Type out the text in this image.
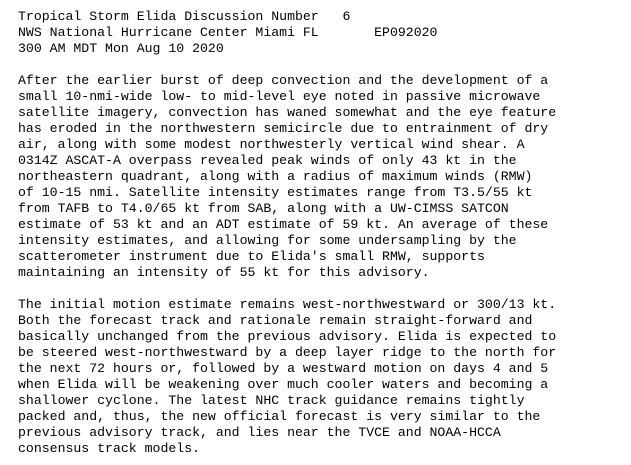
Tropical Storm Elida Discussion Number   6
NWS National Hurricane Center Miami FL       EP092020
300 AM MDT Mon Aug 10 2020
After the earlier burst of deep convection and the development of a
small 10-nmi-wide low- to mid-level eye noted in passive microwave
satellite imagery, convection has waned somewhat and the eye feature
has eroded in the northwestern semicircle due to entrainment of dry
air, along with some modest northwesterly vertical wind shear. A
0314Z ASCAT-A overpass revealed peak winds of only 43 kt in the
northeastern quadrant, along with a radius of maximum winds (RMW)
of 10-15 nmi. Satellite intensity estimates range from T3.5/55 kt
from TAFB to T4.0/65 kt from SAB, along with a UW-CIMSS SATCON
estimate of 53 kt and an ADT estimate of 59 kt. An average of these
intensity estimates, and allowing for some undersampling by the
scatterometer instrument due to Elida's small RMW, supports
maintaining an intensity of 55 kt for this advisory.
The initial motion estimate remains west-northwestward or 300/13 kt.
Both the forecast track and rationale remain straight-forward and
basically unchanged from the previous advisory. Elida is expected to
be steered west-northwestward by a deep layer ridge to the north for
the next 72 hours or, followed by a westward motion on days 4 and 5
when Elida will be weakening over much cooler waters and becoming a
shallower cyclone. The latest NHC track guidance remains tightly
packed and, thus, the new official forecast is very similar to the
previous advisory track, and lies near the TVCE and NOAA-HCCA
consensus track models.
